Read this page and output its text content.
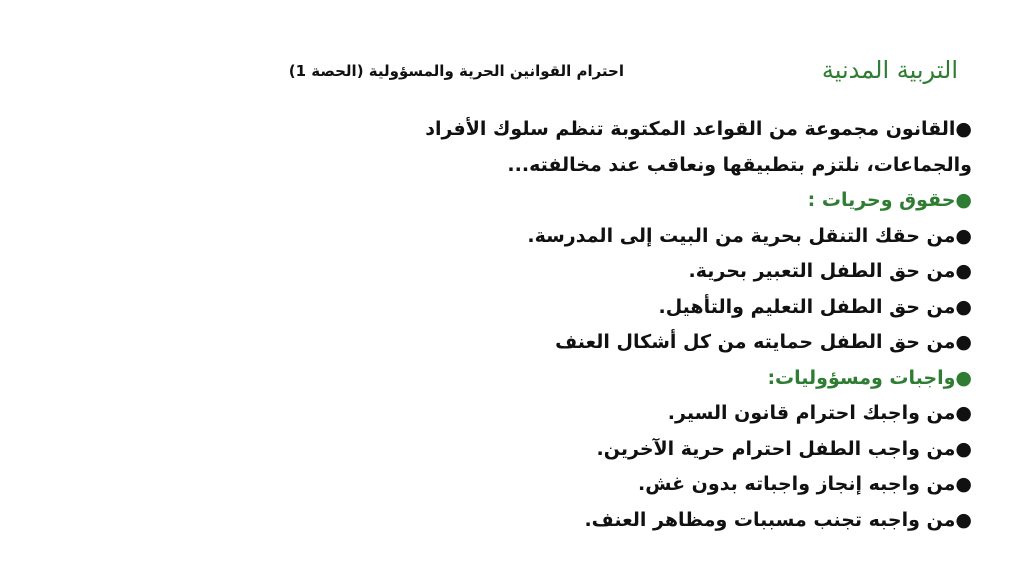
التربية المدنية
احترام القوانين الحرية والمسؤولية (الحصة 1)
●القانون مجموعة من القواعد المكتوبة تنظم سلوك الأفراد
والجماعات، نلتزم بتطبيقها ونعاقب عند مخالفته...
●حقوق وحريات :
●من حقك التنقل بحرية من البيت إلى المدرسة.
●من حق الطفل التعبير بحرية.
●من حق الطفل التعليم والتأهيل.
●من حق الطفل حمايته من كل أشكال العنف
●واجبات ومسؤوليات:
●من واجبك احترام قانون السير.
●من واجب الطفل احترام حرية الآخرين.
●من واجبه إنجاز واجباته بدون غش.
●من واجبه تجنب مسببات ومظاهر العنف.
